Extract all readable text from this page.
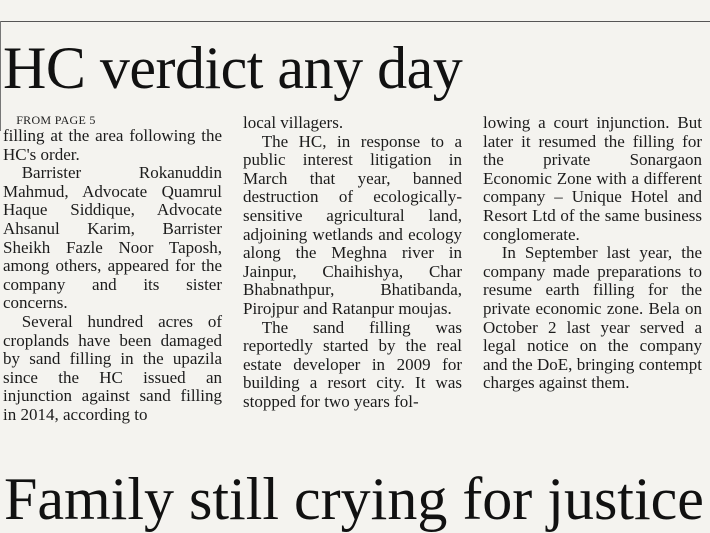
HC verdict any day

FROM PAGE 5

filling at the area following the HC's order.

Barrister Rokanuddin Mahmud, Advocate Quamrul Haque Siddique, Advocate Ahsanul Karim, Barrister Sheikh Fazle Noor Taposh, among others, appeared for the company and its sister concerns.

Several hundred acres of croplands have been damaged by sand filling in the upazila since the HC issued an injunction against sand filling in 2014, according to

local villagers.

The HC, in response to a public interest litigation in March that year, banned destruction of ecologically-sensitive agricultural land, adjoining wetlands and ecology along the Meghna river in Jainpur, Chaihishya, Char Bhabnathpur, Bhatibanda, Pirojpur and Ratanpur moujas.

The sand filling was reportedly started by the real estate developer in 2009 for building a resort city. It was stopped for two years fol-

lowing a court injunction. But later it resumed the filling for the private Sonargaon Economic Zone with a different company – Unique Hotel and Resort Ltd of the same business conglomerate.

In September last year, the company made preparations to resume earth filling for the private economic zone. Bela on October 2 last year served a legal notice on the company and the DoE, bringing contempt charges against them.

Family still crying for justice
